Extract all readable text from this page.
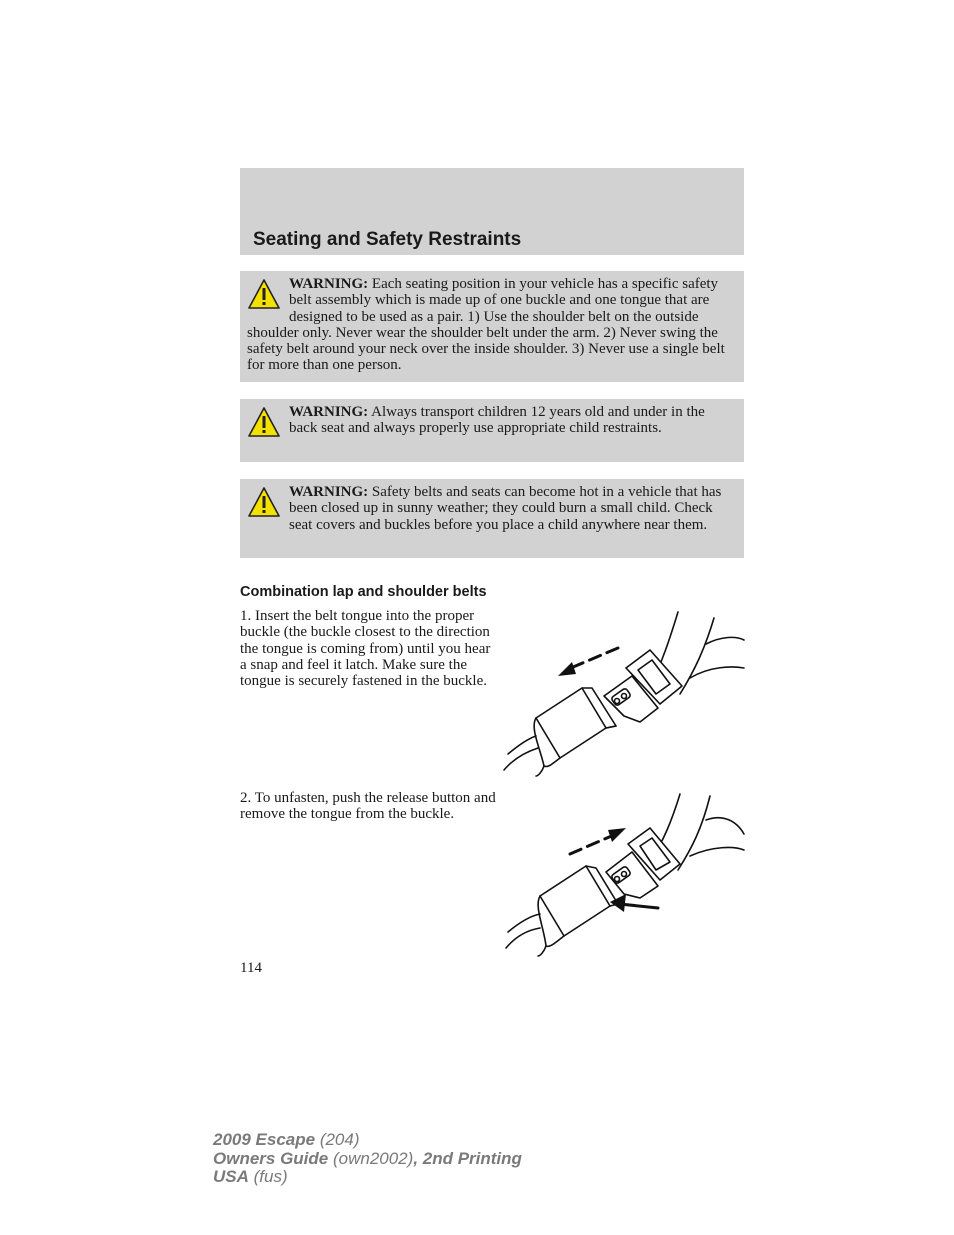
Seating and Safety Restraints
WARNING: Each seating position in your vehicle has a specific safety belt assembly which is made up of one buckle and one tongue that are designed to be used as a pair. 1) Use the shoulder belt on the outside shoulder only. Never wear the shoulder belt under the arm. 2) Never swing the safety belt around your neck over the inside shoulder. 3) Never use a single belt for more than one person.
WARNING: Always transport children 12 years old and under in the back seat and always properly use appropriate child restraints.
WARNING: Safety belts and seats can become hot in a vehicle that has been closed up in sunny weather; they could burn a small child. Check seat covers and buckles before you place a child anywhere near them.
Combination lap and shoulder belts
1. Insert the belt tongue into the proper buckle (the buckle closest to the direction the tongue is coming from) until you hear a snap and feel it latch. Make sure the tongue is securely fastened in the buckle.
2. To unfasten, push the release button and remove the tongue from the buckle.
114
2009 Escape (204)
Owners Guide (own2002), 2nd Printing
USA (fus)
